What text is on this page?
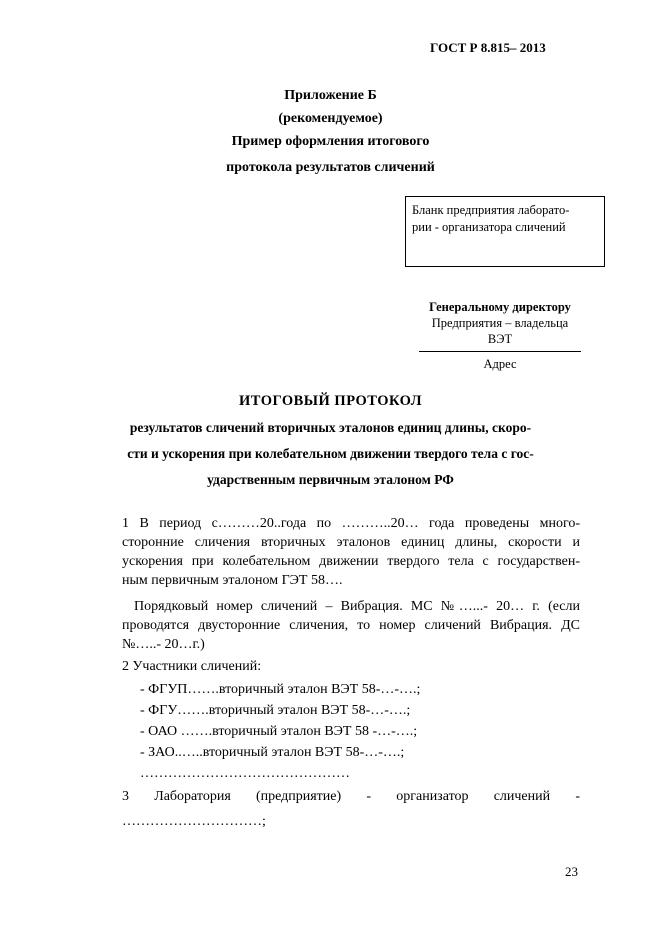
ГОСТ Р 8.815– 2013
Приложение Б
(рекомендуемое)
Пример оформления итогового
протокола результатов сличений
Бланк предприятия лаборато-
рии - организатора сличений
Генеральному директору
Предприятия – владельца
ВЭТ
Адрес
ИТОГОВЫЙ ПРОТОКОЛ
результатов сличений вторичных эталонов единиц длины, скоро-
сти и ускорения при колебательном движении твердого тела с гос-
ударственным первичным эталоном РФ
1 В период с………20..года по ………..20… года проведены много-
сторонние сличения вторичных эталонов единиц длины, скорости и
ускорения при колебательном движении твердого тела с государствен-
ным первичным эталоном ГЭТ 58….
Порядковый номер сличений – Вибрация. МС №…...- 20… г. (если
проводятся двусторонние сличения, то номер сличений Вибрация. ДС
№…..- 20…г.)
2 Участники сличений:
- ФГУП…….вторичный эталон ВЭТ 58-…-….;
- ФГУ…….вторичный эталон ВЭТ 58-…-….;
- ОАО …….вторичный эталон ВЭТ 58 -…-….;
- ЗАО..…..вторичный эталон ВЭТ 58-…-….;
………………………………………
3 Лаборатория (предприятие) - организатор сличений -
…………………………;
23
